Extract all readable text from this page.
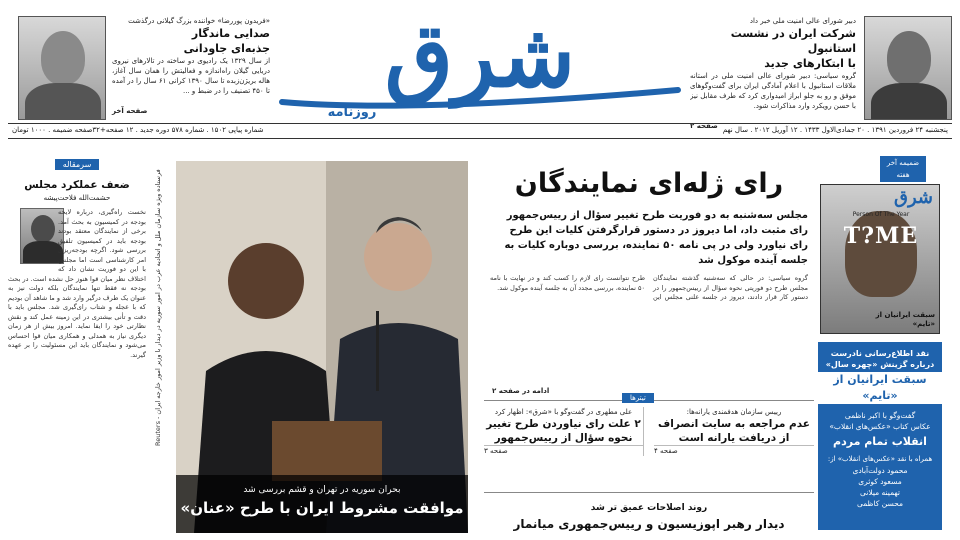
دبیر شورای عالی امنیت ملی خبر داد
شرکت ایران در نشست استانبول
با ابتکارهای جدید
گروه سیاسی: دبیر شورای عالی امنیت ملی در استانه ملاقات استانبول با اعلام آمادگی ایران برای گفت‌وگوهای موفق و رو به جلو ابراز امیدواری کرد که طرف مقابل نیز با حسن رویکرد وارد مذاکرات شود.
صفحه ۲
«فریدون پوررضا» خواننده بزرگ گیلانی درگذشت
صدایی ماندگار
جذبه‌ای جاودانی
از سال ۱۳۲۹ یک رادیوی دو ساخته در تالارهای نیروی دریایی گیلان راه‌اندازه و فعالیتش را همان سال آغاز، هاله بریژن‌زبده تا سال ۱۳۹۰ کرانی ۶۱ سال را در آمده تا ۴۵۰ تصنیف را در ضبط و ...
صفحه آخر
شرق
روزنامه
پنجشنبه ۲۴ فروردین ۱۳۹۱ . ۲۰ جمادی‌الاول ۱۴۳۳ . ۱۲ آوریل ۲۰۱۲ . سال نهم
شماره پیاپی ۱۵۰۲ . شماره ۵۷۸ دوره جدید . ۱۲ صفحه+۳۲صفحه ضمیمه . ۱۰۰۰ تومان
ضمیمه آخر هفته
شرق
T?ME
Person Of The Year
سبقت ایرانیان از «تایم»
نقد اطلاع‌رسانی نادرست درباره گزینش «چهره سال»
سبقت ایرانیان از «تایم»
گفت‌وگو با اکبر ناظمی
عکاس کتاب «عکس‌های انقلاب»
انقلاب تمام مردم
همراه با نقد «عکس‌های انقلاب» از:
محمود دولت‌آبادی
مسعود کوثری
تهمینه میلانی
محسن کاظمی
رای ژله‌ای نمایندگان
مجلس سه‌شنبه به دو فوریت طرح تغییر سؤال از رییس‌جمهور رای مثبت داد، اما دیروز در دستور قرارگرفتن کلیات این طرح رای نیاورد ولی در پی نامه ۵۰ نماینده، بررسی دوباره کلیات به جلسه آینده موکول شد
گروه سیاسی: در حالی که سه‌شنبه گذشته نمایندگان مجلس طرح دو فوریتی نحوه سؤال از رییس‌جمهور را در دستور کار قرار دادند، دیروز در جلسه علنی مجلس این طرح نتوانست رای لازم را کسب کند و در نهایت با نامه ۵۰ نماینده، بررسی مجدد آن به جلسه آینده موکول شد.
ادامه در صفحه ۲
تیترها
رییس سازمان هدفمندی یارانه‌ها:
عدم مراجعه به سایت انصراف از دریافت یارانه است
صفحه ۴
علی مطهری در گفت‌وگو با «شرق»: اظهار کرد
۲ علت رای نیاوردن طرح تغییر نحوه سؤال از رییس‌جمهور
صفحه ۳
روند اصلاحات عمیق تر شد
دیدار رهبر اپوزیسیون و رییس‌جمهوری میانمار
بحران سوریه در تهران و قشم بررسی شد
موافقت مشروط ایران با طرح «عنان»
فرستاده ویژه سازمان ملل و اتحادیه عرب در امور سوریه در دیدار با وزیر امور خارجه ایران - Reuters
سرمقاله
ضعف عملکرد مجلس
حشمت‌الله فلاحت‌پیشه
نخست راه‌گیری، درباره لایحه بودجه در کمیسیون به بحث آمد. برخی از نمایندگان معتقد بودند بودجه باید در کمیسیون تلفیق بررسی شود. اگرچه بودجه‌ریزی امر کارشناسی است اما مجلس با این دو فوریت نشان داد که اختلاف نظر میان قوا هنوز حل نشده است. در بحث بودجه نه فقط تنها نمایندگان بلکه دولت نیز به عنوان یک طرف درگیر وارد شد و ما شاهد آن بودیم که با عجله و شتاب رای‌گیری شد. مجلس باید با دقت و تأنی بیشتری در این زمینه عمل کند و نقش نظارتی خود را ایفا نماید. امروز بیش از هر زمان دیگری نیاز به همدلی و همکاری میان قوا احساس می‌شود و نمایندگان باید این مسئولیت را بر عهده گیرند.
